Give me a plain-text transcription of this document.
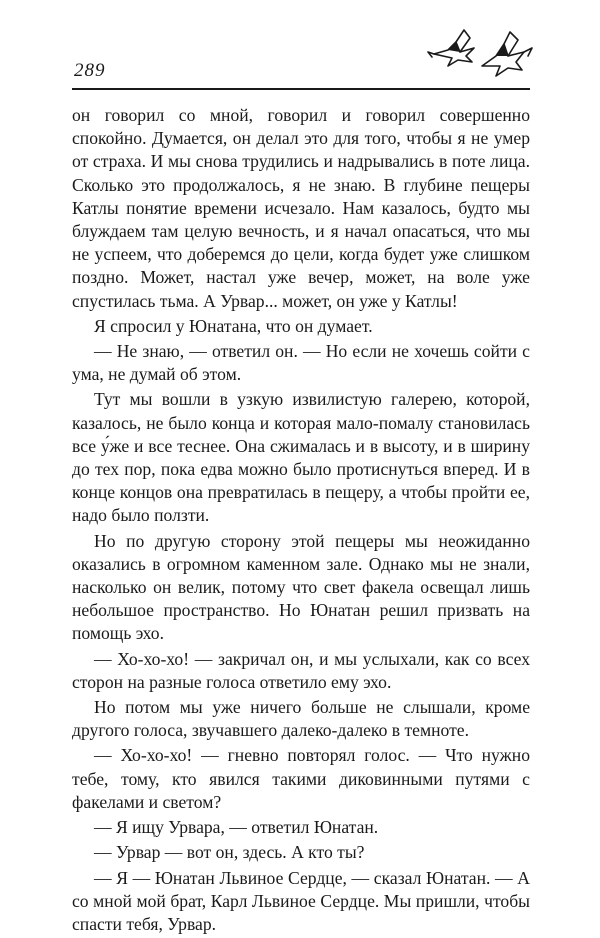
289

он говорил со мной, говорил и говорил совершенно спокойно. Думается, он делал это для того, чтобы я не умер от страха. И мы снова трудились и надрывались в поте лица. Сколько это продолжалось, я не знаю. В глубине пещеры Катлы понятие времени исчезало. Нам казалось, будто мы блуждаем там целую вечность, и я начал опасаться, что мы не успеем, что доберемся до цели, когда будет уже слишком поздно. Может, настал уже вечер, может, на воле уже спустилась тьма. А Урвар... может, он уже у Катлы!

Я спросил у Юнатана, что он думает.

— Не знаю, — ответил он. — Но если не хочешь сойти с ума, не думай об этом.

Тут мы вошли в узкую извилистую галерею, которой, казалось, не было конца и которая мало-помалу становилась все у́же и все теснее. Она сжималась и в высоту, и в ширину до тех пор, пока едва можно было протиснуться вперед. И в конце концов она превратилась в пещеру, а чтобы пройти ее, надо было ползти.

Но по другую сторону этой пещеры мы неожиданно оказались в огромном каменном зале. Однако мы не знали, насколько он велик, потому что свет факела освещал лишь небольшое пространство. Но Юнатан решил призвать на помощь эхо.

— Хо-хо-хо! — закричал он, и мы услыхали, как со всех сторон на разные голоса ответило ему эхо.

Но потом мы уже ничего больше не слышали, кроме другого голоса, звучавшего далеко-далеко в темноте.

— Хо-хо-хо! — гневно повторял голос. — Что нужно тебе, тому, кто явился такими диковинными путями с факелами и светом?

— Я ищу Урвара, — ответил Юнатан.

— Урвар — вот он, здесь. А кто ты?

— Я — Юнатан Львиное Сердце, — сказал Юнатан. — А со мной мой брат, Карл Львиное Сердце. Мы пришли, чтобы спасти тебя, Урвар.
